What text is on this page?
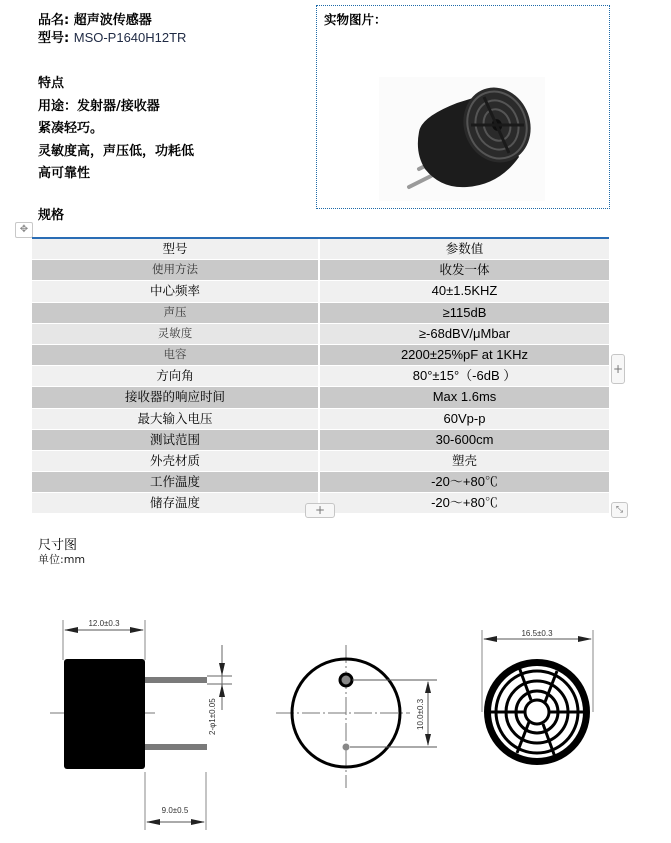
品名: 超声波传感器
型号: MSO-P1640H12TR
特点
用途：发射器/接收器
紧凑轻巧。
灵敏度高，声压低，功耗低
高可靠性
规格
实物图片：
✥
型号	参数值
使用方法	收发一体
中心频率	40±1.5KHZ
声压	≥115dB
灵敏度	≥-68dBV/μMbar
电容	2200±25%pF at 1KHz
方向角	80°±15°（-6dB ）
接收器的响应时间	Max 1.6ms
最大输入电压	60Vp-p
测试范围	30-600cm
外壳材质	塑壳
工作温度	-20～+80℃
储存温度	-20～+80℃
+
+
⤡
尺寸图
单位:mm
12.0±0.3
2-φ1±0.05
9.0±0.5
10.0±0.3
16.5±0.3
